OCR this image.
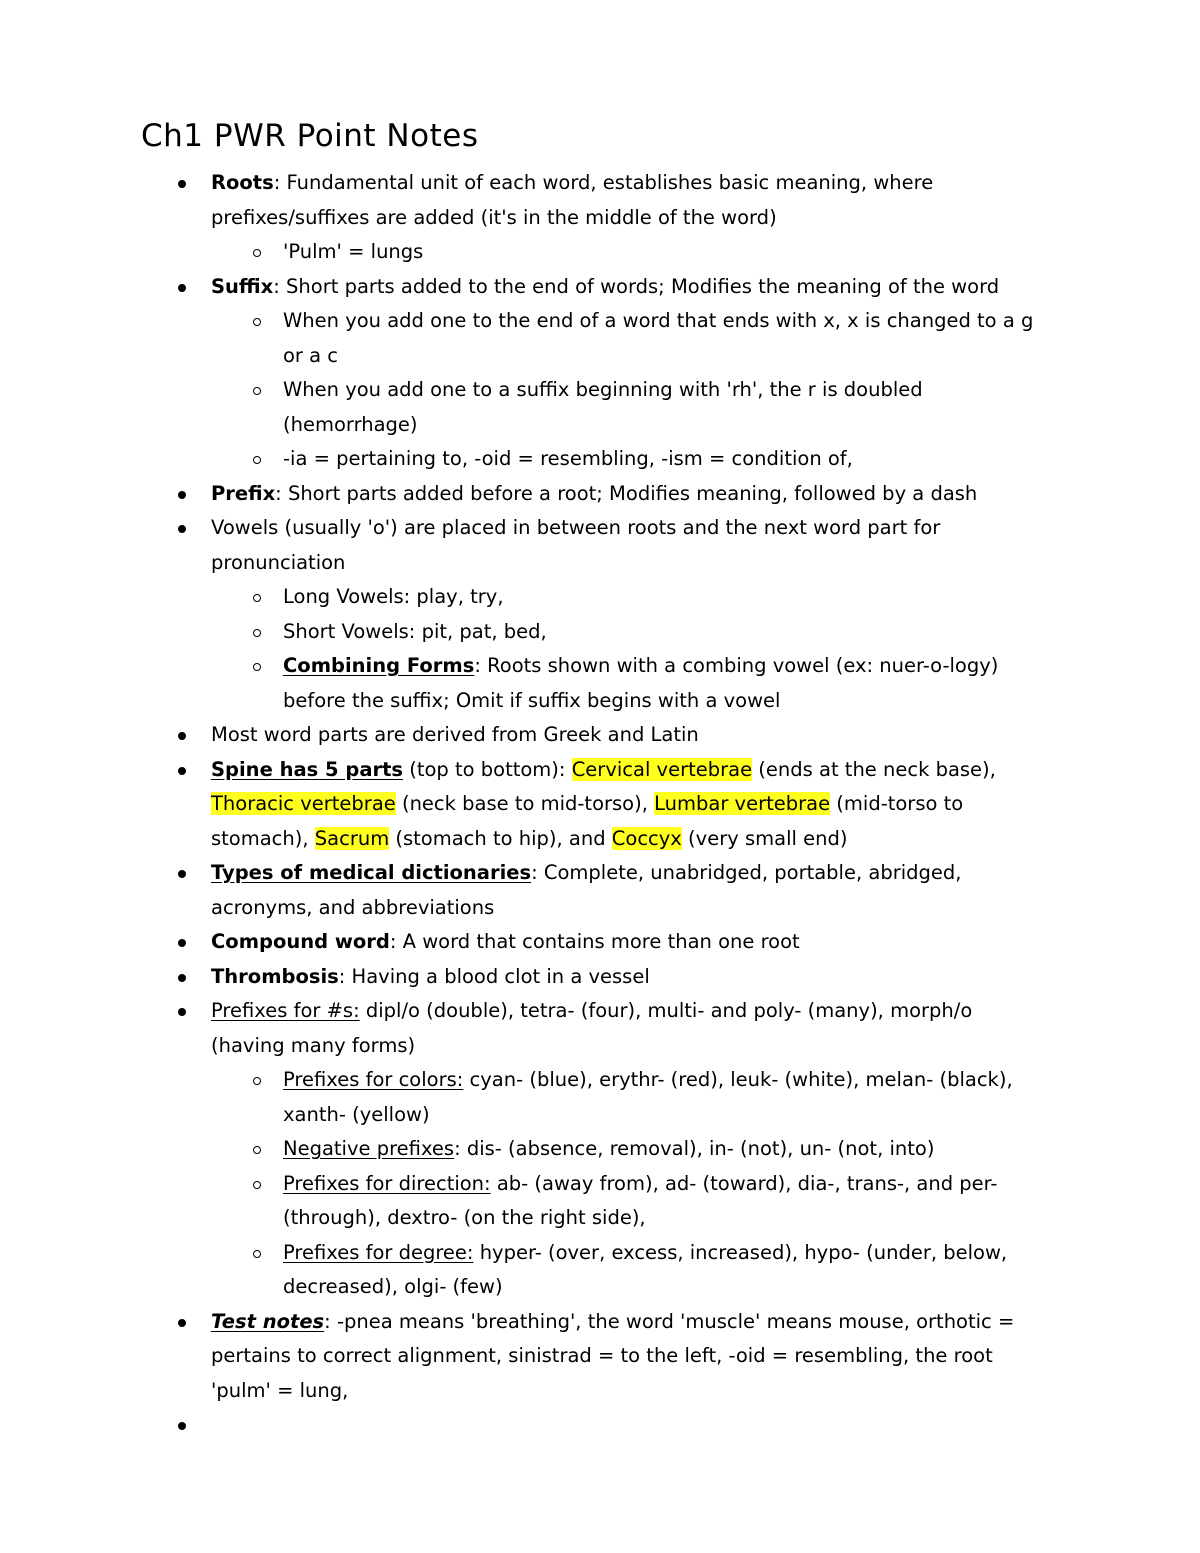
Ch1 PWR Point Notes
Roots: Fundamental unit of each word, establishes basic meaning, where prefixes/suffixes are added (it's in the middle of the word)
'Pulm' = lungs
Suffix: Short parts added to the end of words; Modifies the meaning of the word
When you add one to the end of a word that ends with x, x is changed to a g or a c
When you add one to a suffix beginning with 'rh', the r is doubled (hemorrhage)
-ia = pertaining to, -oid = resembling, -ism = condition of,
Prefix: Short parts added before a root; Modifies meaning, followed by a dash
Vowels (usually 'o') are placed in between roots and the next word part for pronunciation
Long Vowels: play, try,
Short Vowels: pit, pat, bed,
Combining Forms: Roots shown with a combing vowel (ex: nuer-o-logy) before the suffix; Omit if suffix begins with a vowel
Most word parts are derived from Greek and Latin
Spine has 5 parts (top to bottom): Cervical vertebrae (ends at the neck base), Thoracic vertebrae (neck base to mid-torso), Lumbar vertebrae (mid-torso to stomach), Sacrum (stomach to hip), and Coccyx (very small end)
Types of medical dictionaries: Complete, unabridged, portable, abridged, acronyms, and abbreviations
Compound word: A word that contains more than one root
Thrombosis: Having a blood clot in a vessel
Prefixes for #s: dipl/o (double), tetra- (four), multi- and poly- (many), morph/o (having many forms)
Prefixes for colors: cyan- (blue), erythr- (red), leuk- (white), melan- (black), xanth- (yellow)
Negative prefixes: dis- (absence, removal), in- (not), un- (not, into)
Prefixes for direction: ab- (away from), ad- (toward), dia-, trans-, and per- (through), dextro- (on the right side),
Prefixes for degree: hyper- (over, excess, increased), hypo- (under, below, decreased), olgi- (few)
Test notes: -pnea means 'breathing', the word 'muscle' means mouse, orthotic = pertains to correct alignment, sinistrad = to the left, -oid = resembling, the root 'pulm' = lung,
